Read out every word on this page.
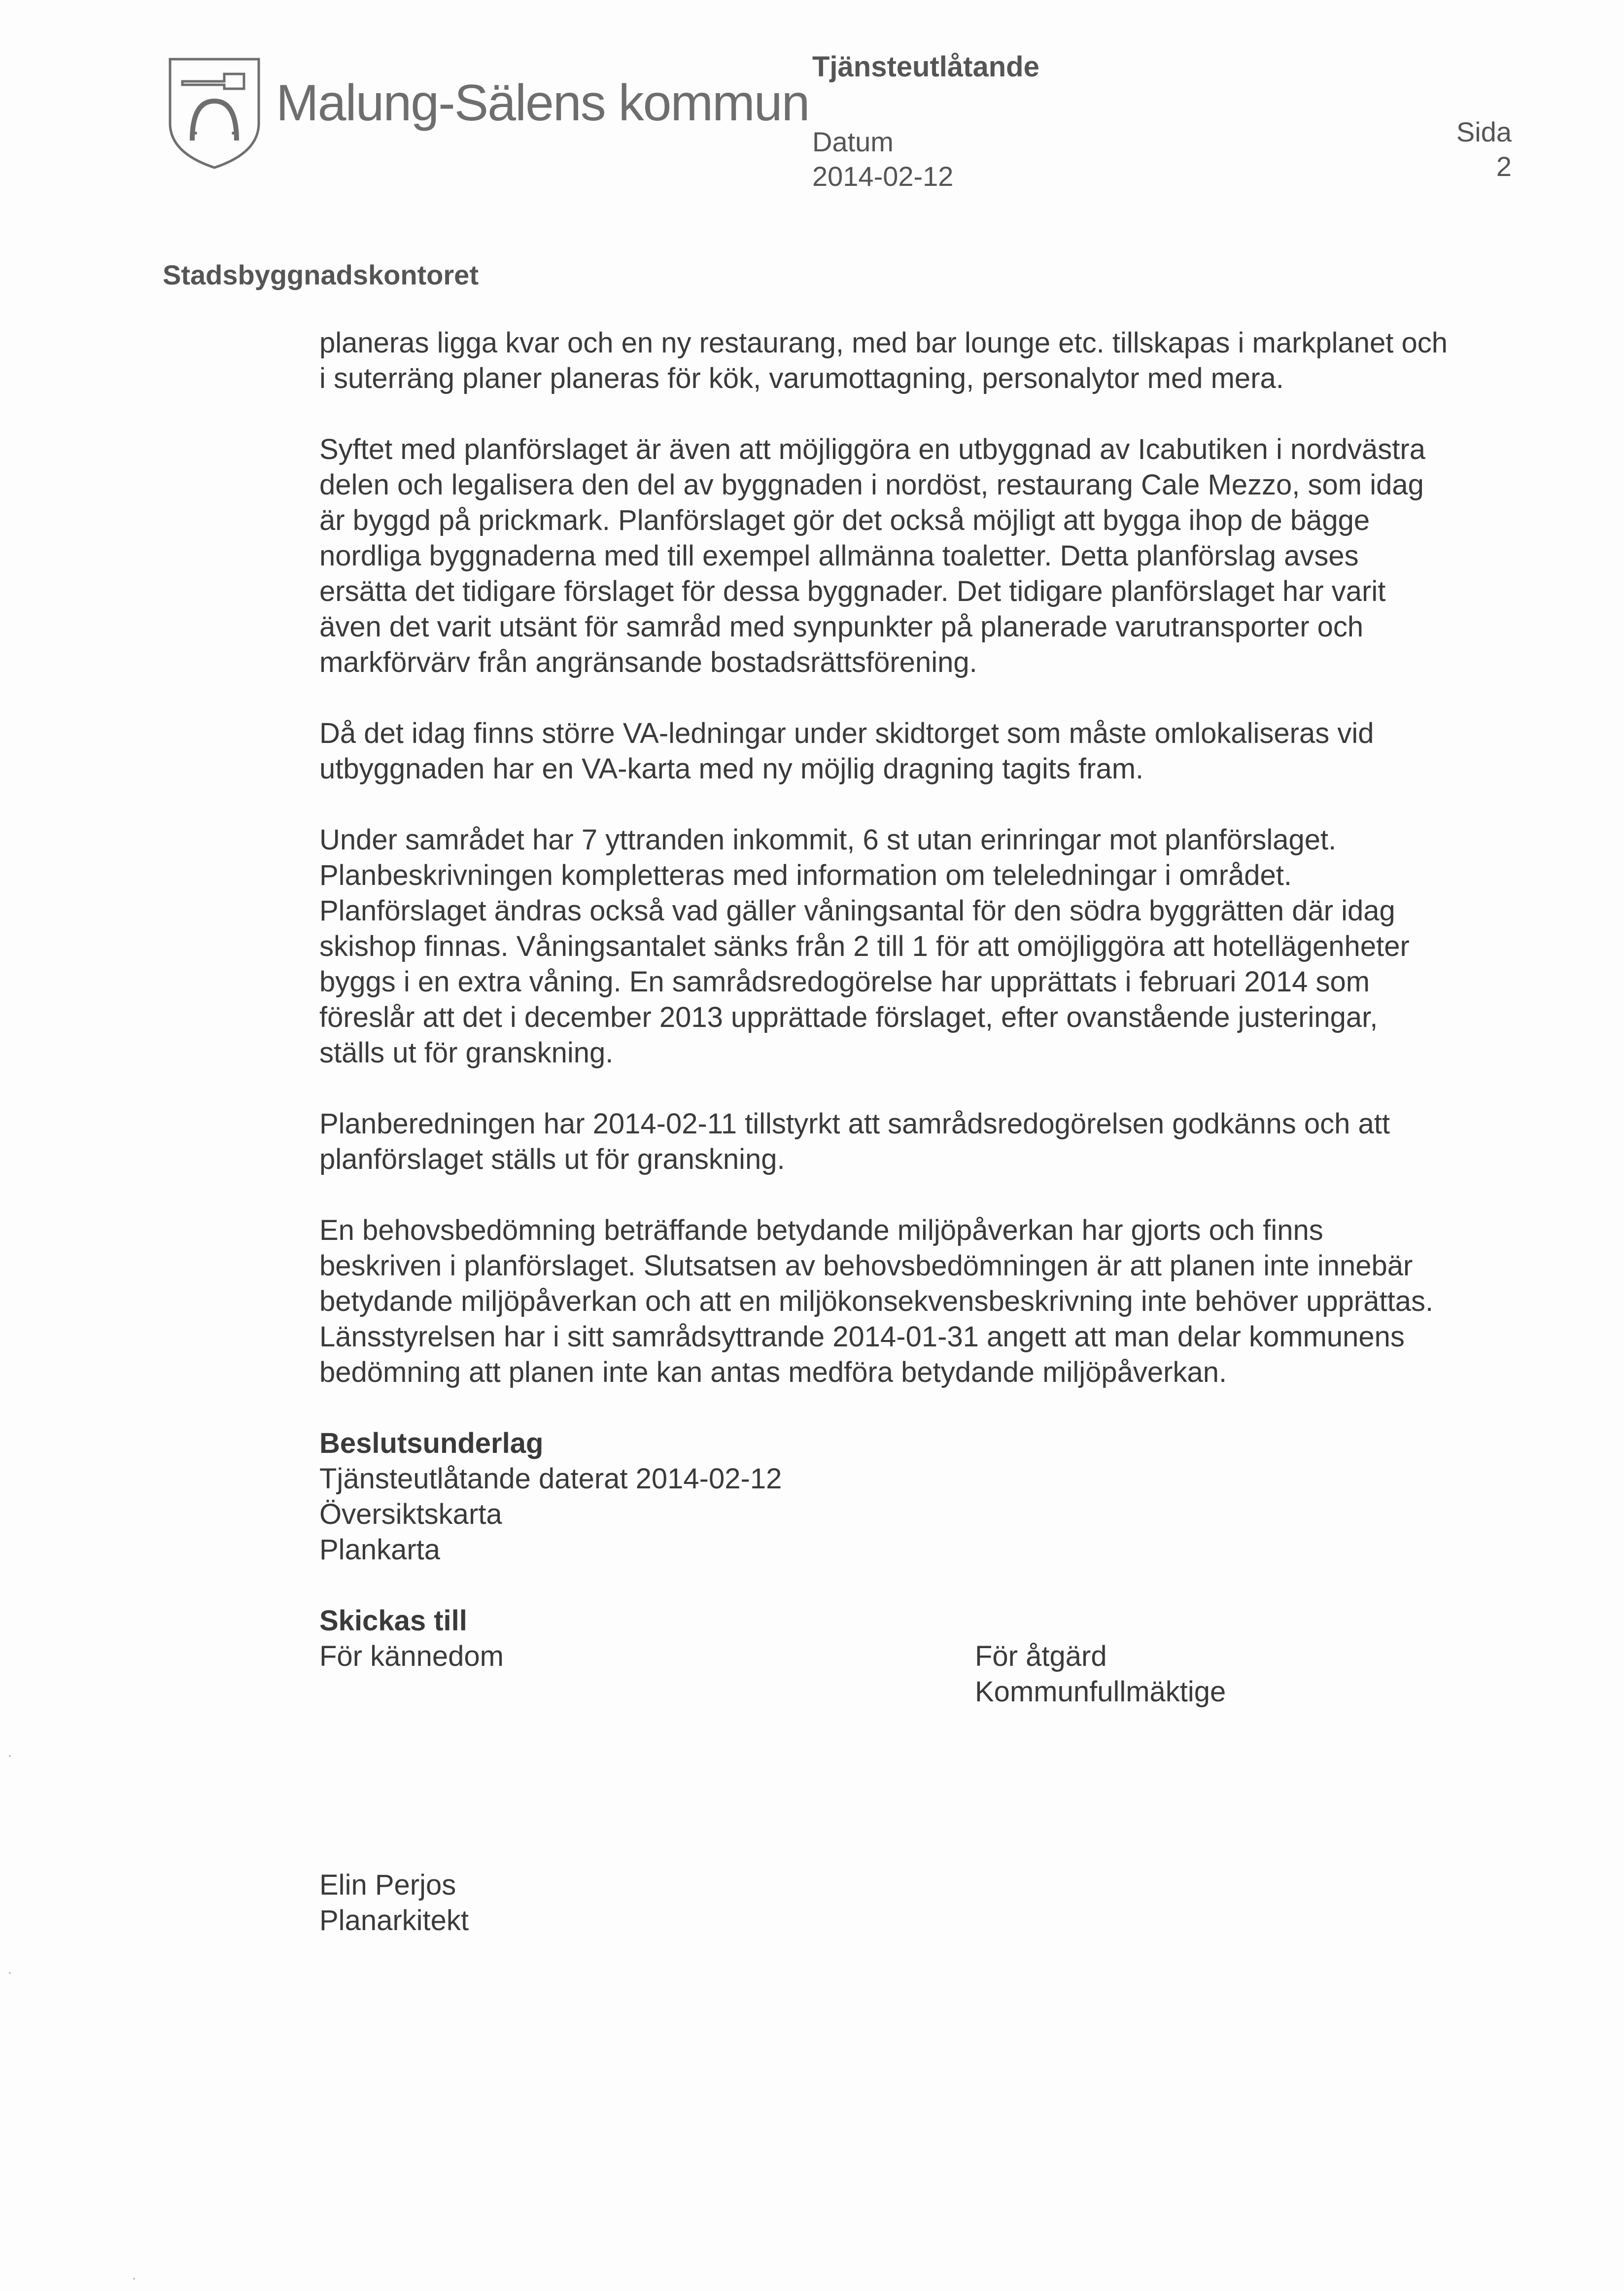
Malung-Sälens kommun
Tjänsteutlåtande
Datum
2014-02-12
Sida
2
Stadsbyggnadskontoret

planeras ligga kvar och en ny restaurang, med bar lounge etc. tillskapas i markplanet och
i suterräng planer planeras för kök, varumottagning, personalytor med mera.

Syftet med planförslaget är även att möjliggöra en utbyggnad av Icabutiken i nordvästra
delen och legalisera den del av byggnaden i nordöst, restaurang Cale Mezzo, som idag
är byggd på prickmark. Planförslaget gör det också möjligt att bygga ihop de bägge
nordliga byggnaderna med till exempel allmänna toaletter. Detta planförslag avses
ersätta det tidigare förslaget för dessa byggnader. Det tidigare planförslaget har varit
även det varit utsänt för samråd med synpunkter på planerade varutransporter och
markförvärv från angränsande bostadsrättsförening.

Då det idag finns större VA-ledningar under skidtorget som måste omlokaliseras vid
utbyggnaden har en VA-karta med ny möjlig dragning tagits fram.

Under samrådet har 7 yttranden inkommit, 6 st utan erinringar mot planförslaget.
Planbeskrivningen kompletteras med information om teleledningar i området.
Planförslaget ändras också vad gäller våningsantal för den södra byggrätten där idag
skishop finnas. Våningsantalet sänks från 2 till 1 för att omöjliggöra att hotellägenheter
byggs i en extra våning. En samrådsredogörelse har upprättats i februari 2014 som
föreslår att det i december 2013 upprättade förslaget, efter ovanstående justeringar,
ställs ut för granskning.

Planberedningen har 2014-02-11 tillstyrkt att samrådsredogörelsen godkänns och att
planförslaget ställs ut för granskning.

En behovsbedömning beträffande betydande miljöpåverkan har gjorts och finns
beskriven i planförslaget. Slutsatsen av behovsbedömningen är att planen inte innebär
betydande miljöpåverkan och att en miljökonsekvensbeskrivning inte behöver upprättas.
Länsstyrelsen har i sitt samrådsyttrande 2014-01-31 angett att man delar kommunens
bedömning att planen inte kan antas medföra betydande miljöpåverkan.

Beslutsunderlag
Tjänsteutlåtande daterat 2014-02-12
Översiktskarta
Plankarta

Skickas till
För kännedom	För åtgärd
Kommunfullmäktige
Elin Perjos
Planarkitekt
